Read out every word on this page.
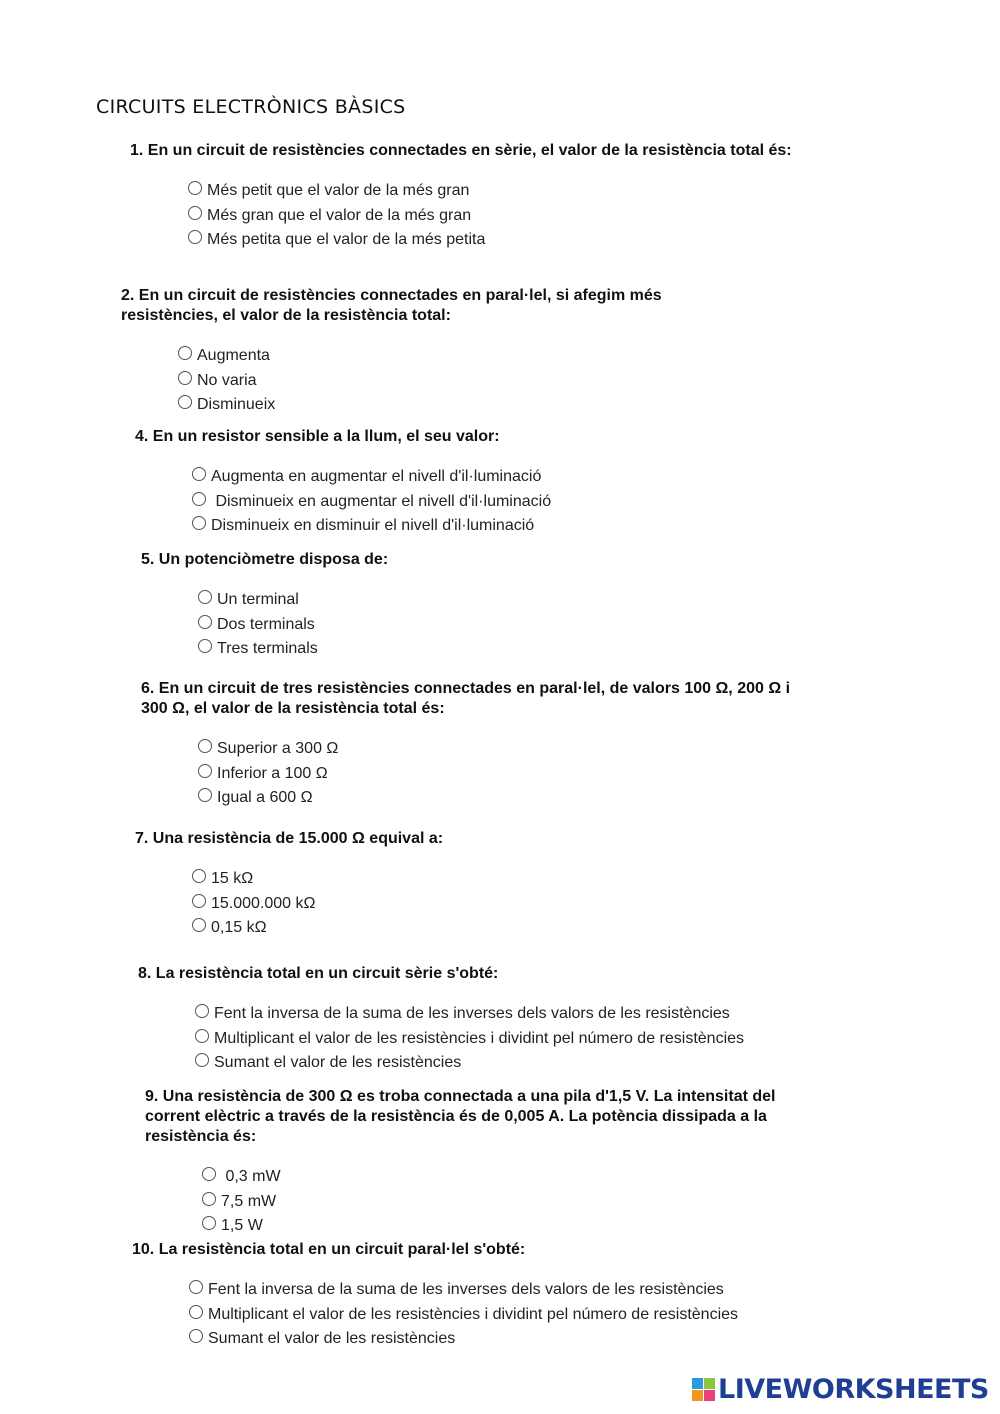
CIRCUITS ELECTRÒNICS BÀSICS
1. En un circuit de resistències connectades en sèrie, el valor de la resistència total és:
Més petit que el valor de la més gran
Més gran que el valor de la més gran
Més petita que el valor de la més petita
2. En un circuit de resistències connectades en paral·lel, si afegim més resistències, el valor de la resistència total:
Augmenta
No varia
Disminueix
4. En un resistor sensible a la llum, el seu valor:
Augmenta en augmentar el nivell d'il·luminació
Disminueix en augmentar el nivell d'il·luminació
Disminueix en disminuir el nivell d'il·luminació
5. Un potenciòmetre disposa de:
Un terminal
Dos terminals
Tres terminals
6. En un circuit de tres resistències connectades en paral·lel, de valors 100 Ω, 200 Ω i 300 Ω, el valor de la resistència total és:
Superior a 300 Ω
Inferior a 100 Ω
Igual a 600 Ω
7. Una resistència de 15.000 Ω equival a:
15 kΩ
15.000.000 kΩ
0,15 kΩ
8. La resistència total en un circuit sèrie s'obté:
Fent la inversa de la suma de les inverses dels valors de les resistències
Multiplicant el valor de les resistències i dividint pel número de resistències
Sumant el valor de les resistències
9. Una resistència de 300 Ω es troba connectada a una pila d'1,5 V. La intensitat del corrent elèctric a través de la resistència és de 0,005 A. La potència dissipada a la resistència és:
0,3 mW
7,5 mW
1,5 W
10. La resistència total en un circuit paral·lel s'obté:
Fent la inversa de la suma de les inverses dels valors de les resistències
Multiplicant el valor de les resistències i dividint pel número de resistències
Sumant el valor de les resistències
LIVEWORKSHEETS
